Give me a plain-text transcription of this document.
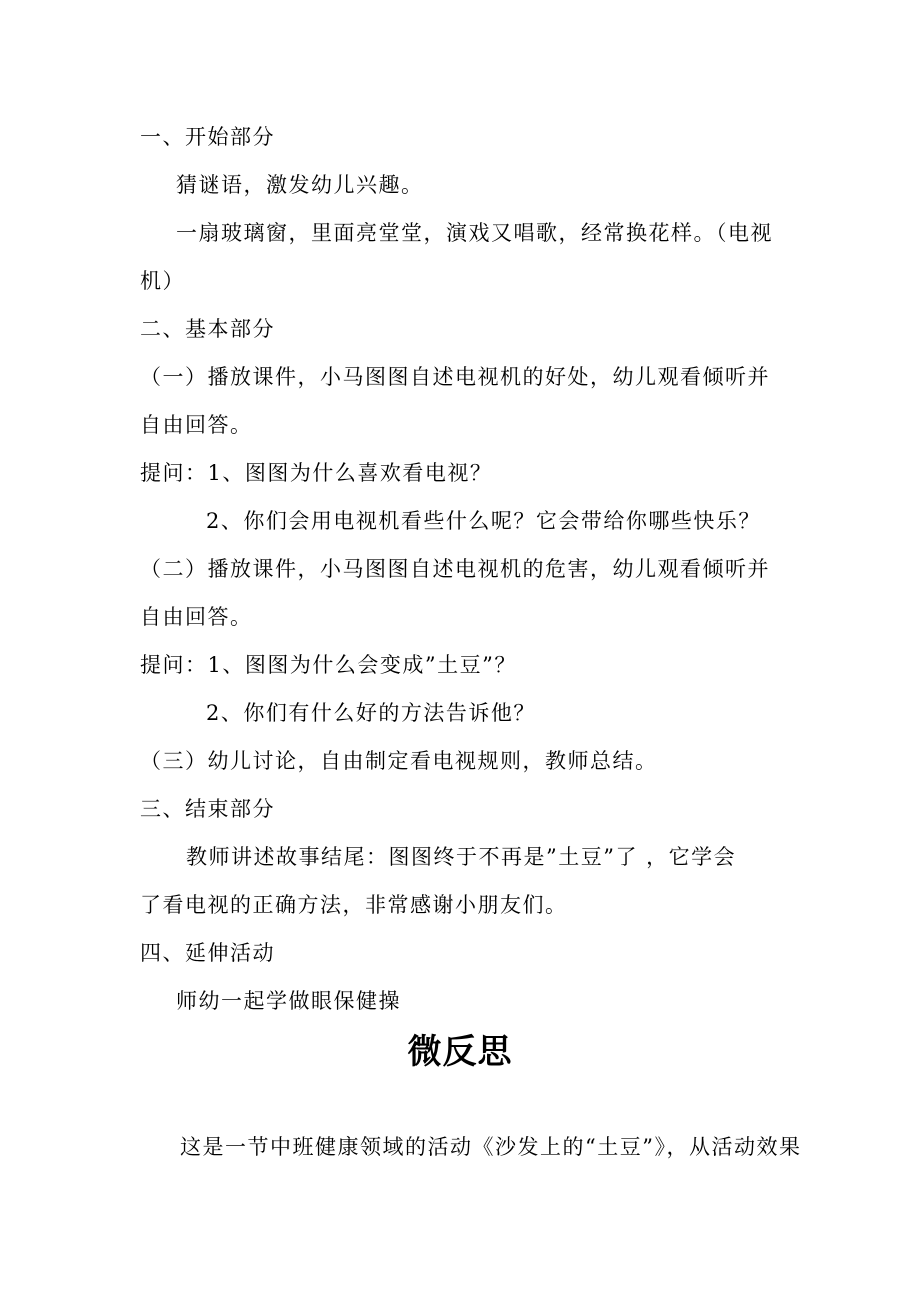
一、开始部分

猜谜语，激发幼儿兴趣。

一扇玻璃窗，里面亮堂堂，演戏又唱歌，经常换花样。（电视

机）

二、基本部分

（一）播放课件，小马图图自述电视机的好处，幼儿观看倾听并

自由回答。

提问：1、图图为什么喜欢看电视？

2、你们会用电视机看些什么呢？它会带给你哪些快乐？

（二）播放课件，小马图图自述电视机的危害，幼儿观看倾听并

自由回答。

提问：1、图图为什么会变成”土豆”？

2、你们有什么好的方法告诉他？

（三）幼儿讨论，自由制定看电视规则，教师总结。

三、结束部分

教师讲述故事结尾：图图终于不再是”土豆”了 ，它学会

了看电视的正确方法，非常感谢小朋友们。

四、延伸活动

师幼一起学做眼保健操

微反思

这是一节中班健康领域的活动《沙发上的“土豆”》，从活动效果
